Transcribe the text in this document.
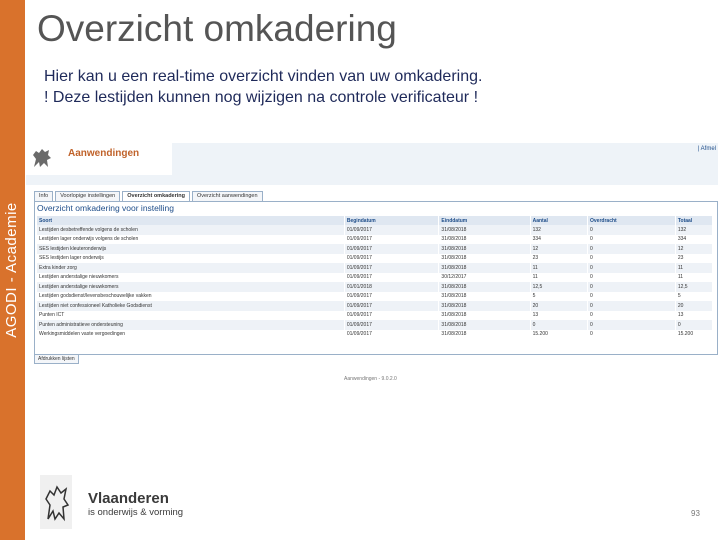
AGODI - Academie
Overzicht omkadering
Hier kan u een real-time overzicht vinden van uw omkadering.
! Deze lestijden kunnen nog wijzigen na controle verificateur !
Aanwendingen	| Afmel
Info	Voorlopige instellingen	Overzicht omkadering	Overzicht aanwendingen
Overzicht omkadering voor instelling
Soort	Begindatum	Einddatum	Aantal	Overdracht	Totaal
Lestijden desbetreffende volgens de scholen	01/09/2017	31/08/2018	132	0	132
Lestijden lager onderwijs volgens de scholen	01/09/2017	31/08/2018	334	0	334
SES lestijden kleuteronderwijs	01/09/2017	31/08/2018	12	0	12
SES lestijden lager onderwijs	01/09/2017	31/08/2018	23	0	23
Extra kinder zorg	01/09/2017	31/08/2018	11	0	11
Lestijden anderstalige nieuwkomers	01/09/2017	30/12/2017	11	0	11
Lestijden anderstalige nieuwkomers	01/01/2018	31/08/2018	12,5	0	12,5
Lestijden godsdienst/levensbeschouwelijke vakken	01/09/2017	31/08/2018	5	0	5
Lestijden niet confessioneel Katholieke Godsdienst	01/09/2017	31/08/2018	20	0	20
Punten ICT	01/09/2017	31/08/2018	13	0	13
Punten administratieve ondersteuning	01/09/2017	31/08/2018	0	0	0
Werkingsmiddelen vaste vergoedingen	01/09/2017	31/08/2018	15.200	0	15.200
Afdrukken lijsten
Aanwendingen - 9.0.2.0
Vlaanderen
is onderwijs & vorming	93
